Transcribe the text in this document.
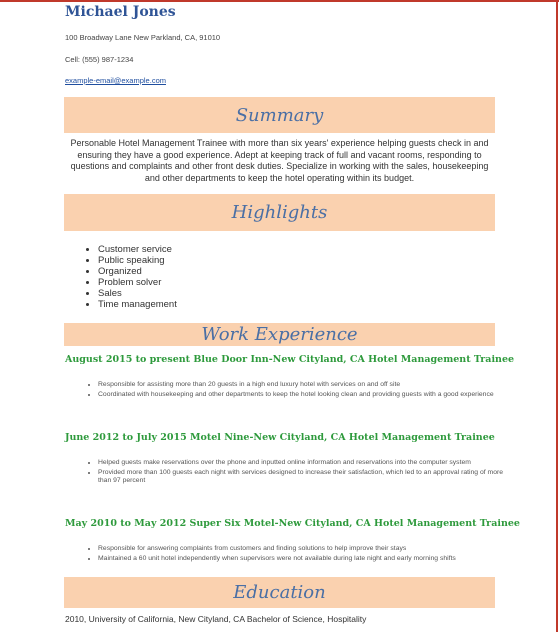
Michael Jones
100 Broadway Lane New Parkland, CA, 91010
Cell: (555) 987-1234
example-email@example.com
Summary
Personable Hotel Management Trainee with more than six years' experience helping guests check in and ensuring they have a good experience. Adept at keeping track of full and vacant rooms, responding to questions and complaints and other front desk duties. Specialize in working with the sales, housekeeping and other departments to keep the hotel operating within its budget.
Highlights
• Customer service
• Public speaking
• Organized
• Problem solver
• Sales
• Time management
Work Experience
August 2015 to present Blue Door Inn-New Cityland, CA Hotel Management Trainee
• Responsible for assisting more than 20 guests in a high end luxury hotel with services on and off site
• Coordinated with housekeeping and other departments to keep the hotel looking clean and providing guests with a good experience
June 2012 to July 2015 Motel Nine-New Cityland, CA Hotel Management Trainee
• Helped guests make reservations over the phone and inputted online information and reservations into the computer system
• Provided more than 100 guests each night with services designed to increase their satisfaction, which led to an approval rating of more than 97 percent
May 2010 to May 2012 Super Six Motel-New Cityland, CA Hotel Management Trainee
• Responsible for answering complaints from customers and finding solutions to help improve their stays
• Maintained a 60 unit hotel independently when supervisors were not available during late night and early morning shifts
Education
2010, University of California, New Cityland, CA Bachelor of Science, Hospitality
